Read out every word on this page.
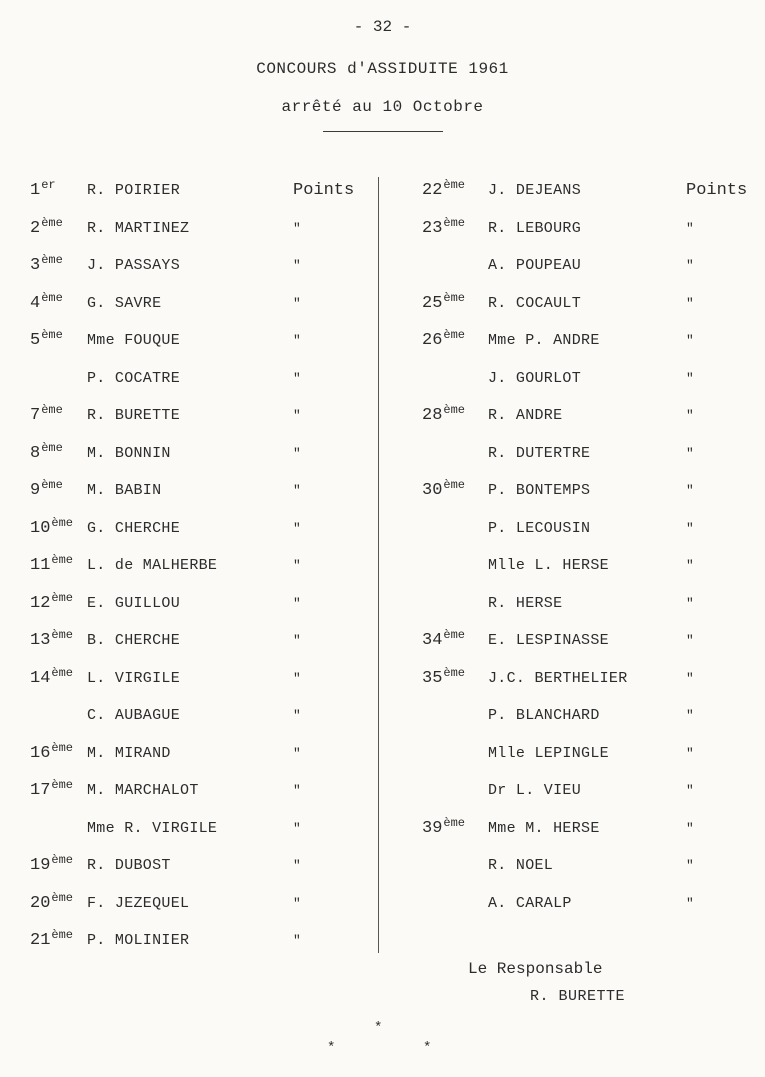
- 32 -
CONCOURS d'ASSIDUITE 1961
arrêté au 10 Octobre
1er R. POIRIER	Points
2ème R. MARTINEZ	"
3ème J. PASSAYS	"
4ème G. SAVRE	"
5ème Mme FOUQUE	"
P. COCATRE	"
7ème R. BURETTE	"
8ème M. BONNIN	"
9ème M. BABIN	"
10ème G. CHERCHE	"
11ème L. de MALHERBE	"
12ème E. GUILLOU	"
13ème B. CHERCHE	"
14ème L. VIRGILE	"
C. AUBAGUE	"
16ème M. MIRAND	"
17ème M. MARCHALOT	"
Mme R. VIRGILE	"
19ème R. DUBOST	"
20ème F. JEZEQUEL	"
21ème P. MOLINIER	"
22ème J. DEJEANS	Points
23ème R. LEBOURG	"
A. POUPEAU	"
25ème R. COCAULT	"
26ème Mme P. ANDRE	"
J. GOURLOT	"
28ème R. ANDRE	"
R. DUTERTRE	"
30ème P. BONTEMPS	"
P. LECOUSIN	"
Mlle L. HERSE	"
R. HERSE	"
34ème E. LESPINASSE	"
35ème J.C. BERTHELIER	"
P. BLANCHARD	"
Mlle LEPINGLE	"
Dr L. VIEU	"
39ème Mme M. HERSE	"
R. NOEL	"
A. CARALP	"
Le Responsable
R. BURETTE
*
*	*
